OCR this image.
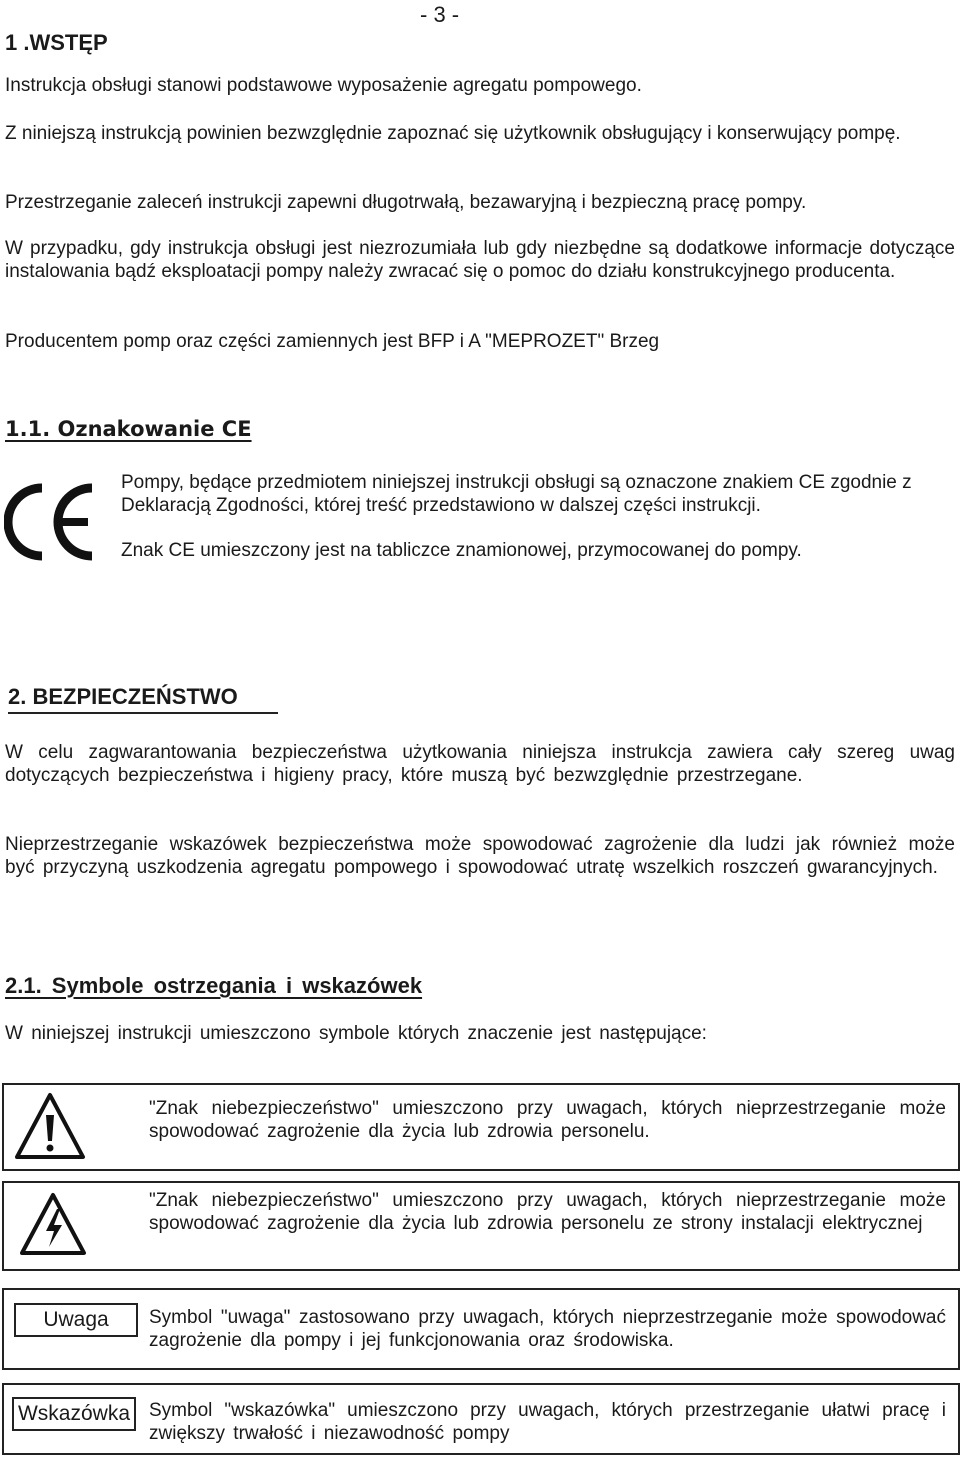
- 3 -
1 .WSTĘP

Instrukcja obsługi stanowi podstawowe wyposażenie agregatu pompowego.

Z niniejszą instrukcją powinien bezwzględnie zapoznać się użytkownik obsługujący i konserwujący pompę.

Przestrzeganie zaleceń instrukcji zapewni długotrwałą, bezawaryjną i bezpieczną pracę pompy.

W przypadku, gdy instrukcja obsługi jest niezrozumiała lub gdy niezbędne są dodatkowe informacje dotyczące instalowania bądź eksploatacji pompy należy zwracać się o pomoc do działu konstrukcyjnego producenta.

Producentem pomp oraz części zamiennych jest BFP i A "MEPROZET" Brzeg

1.1. Oznakowanie CE

Pompy, będące przedmiotem niniejszej instrukcji obsługi są oznaczone znakiem CE zgodnie z Deklaracją Zgodności, której treść przedstawiono w dalszej części instrukcji.

Znak CE umieszczony jest na tabliczce znamionowej, przymocowanej do pompy.

2. BEZPIECZEŃSTWO

W celu zagwarantowania bezpieczeństwa użytkowania niniejsza instrukcja zawiera cały szereg uwag dotyczących bezpieczeństwa i higieny pracy, które muszą być bezwzględnie przestrzegane.

Nieprzestrzeganie wskazówek bezpieczeństwa może spowodować zagrożenie dla ludzi jak również może być przyczyną uszkodzenia agregatu pompowego i spowodować utratę wszelkich roszczeń gwarancyjnych.

2.1. Symbole ostrzegania i wskazówek

W niniejszej instrukcji umieszczono symbole których znaczenie jest następujące:

"Znak niebezpieczeństwo" umieszczono przy uwagach, których nieprzestrzeganie może spowodować zagrożenie dla życia lub zdrowia personelu.
"Znak niebezpieczeństwo" umieszczono przy uwagach, których nieprzestrzeganie może spowodować zagrożenie dla życia lub zdrowia personelu ze strony instalacji elektrycznej
Uwaga	Symbol "uwaga" zastosowano przy uwagach, których nieprzestrzeganie może spowodować zagrożenie dla pompy i jej funkcjonowania oraz środowiska.
Wskazówka Symbol "wskazówka" umieszczono przy uwagach, których przestrzeganie ułatwi pracę i zwiększy trwałość i niezawodność pompy
